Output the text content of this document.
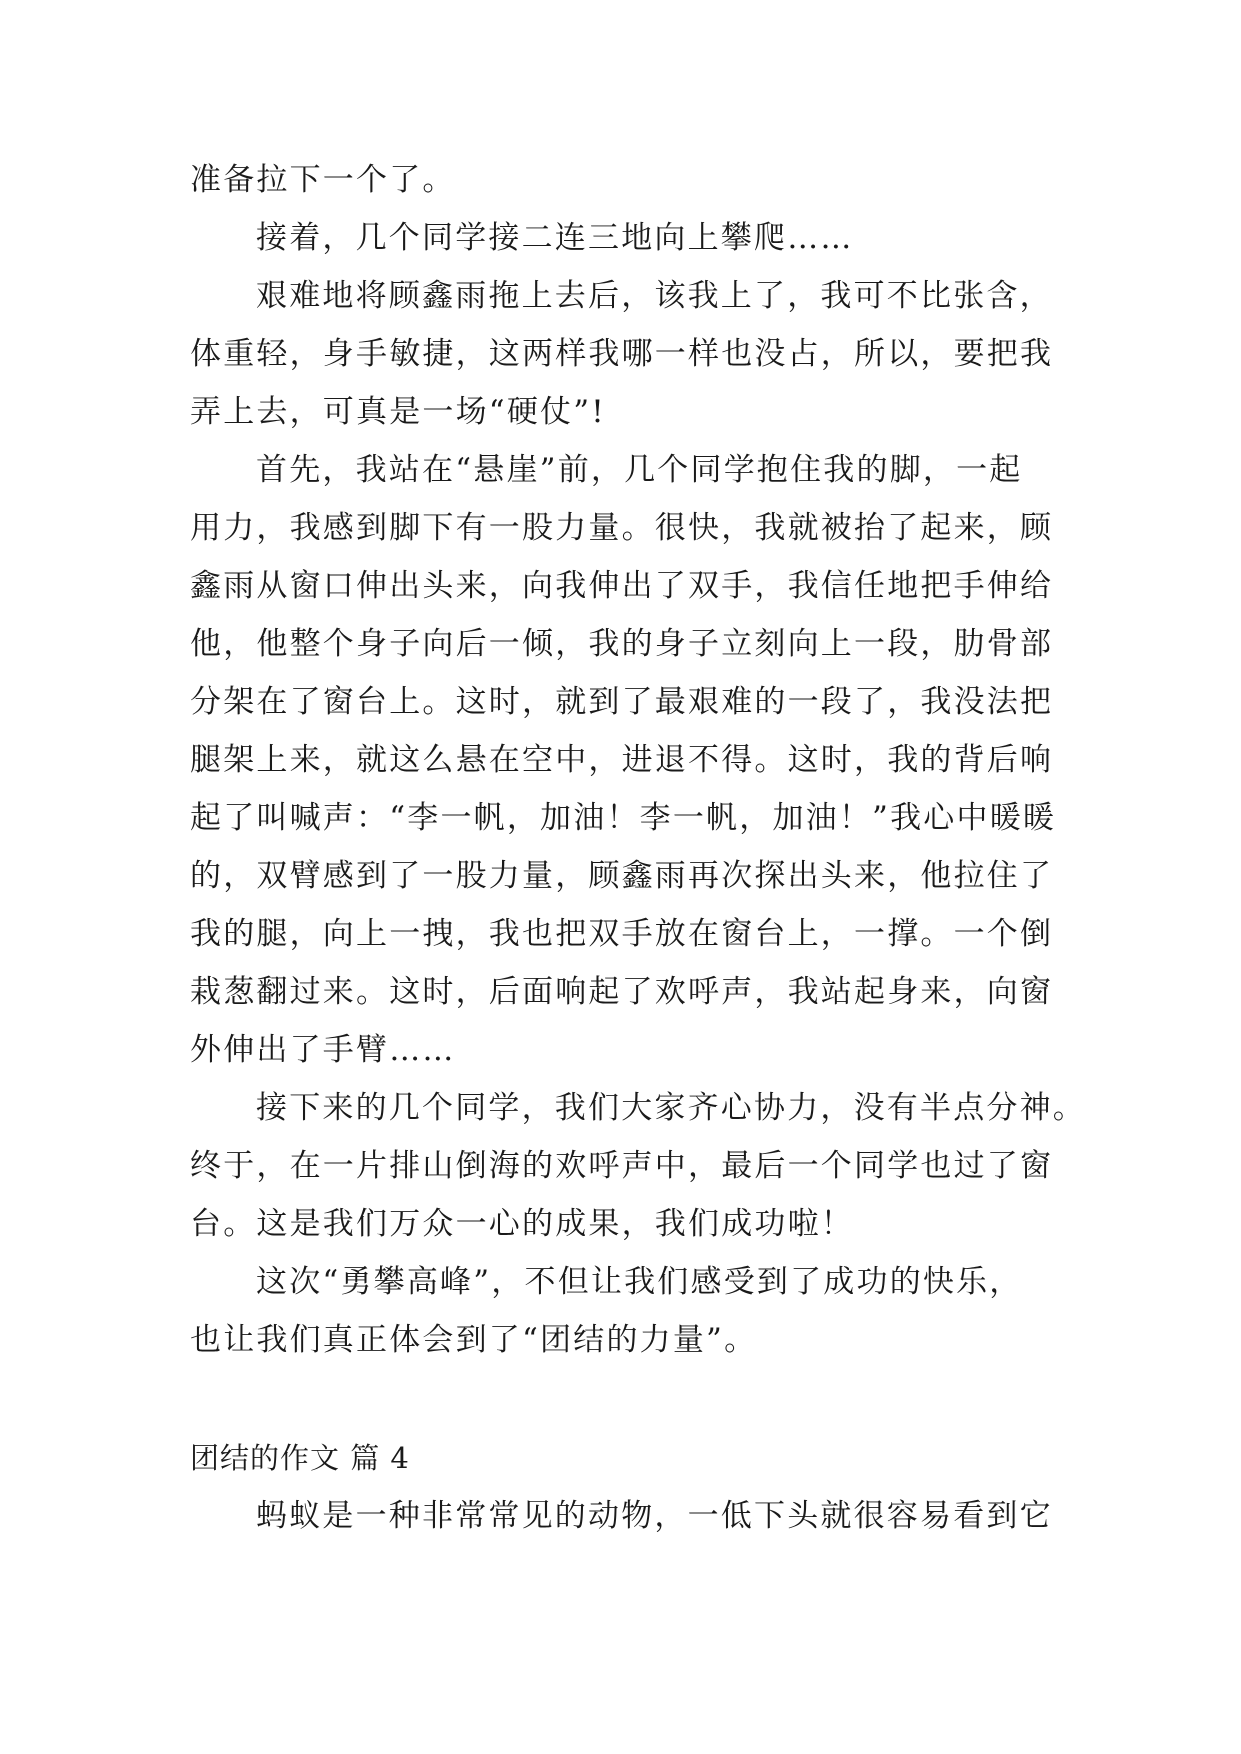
准备拉下一个了。
接着，几个同学接二连三地向上攀爬……
艰难地将顾鑫雨拖上去后，该我上了，我可不比张含，
体重轻，身手敏捷，这两样我哪一样也没占，所以，要把我
弄上去，可真是一场“硬仗”!
首先，我站在“悬崖”前，几个同学抱住我的脚，一起
用力，我感到脚下有一股力量。很快，我就被抬了起来，顾
鑫雨从窗口伸出头来，向我伸出了双手，我信任地把手伸给
他，他整个身子向后一倾，我的身子立刻向上一段，肋骨部
分架在了窗台上。这时，就到了最艰难的一段了，我没法把
腿架上来，就这么悬在空中，进退不得。这时，我的背后响
起了叫喊声：“李一帆，加油！李一帆，加油！”我心中暖暖
的，双臂感到了一股力量，顾鑫雨再次探出头来，他拉住了
我的腿，向上一拽，我也把双手放在窗台上，一撑。一个倒
栽葱翻过来。这时，后面响起了欢呼声，我站起身来，向窗
外伸出了手臂……
接下来的几个同学，我们大家齐心协力，没有半点分神。
终于，在一片排山倒海的欢呼声中，最后一个同学也过了窗
台。这是我们万众一心的成果，我们成功啦！
这次“勇攀高峰”，不但让我们感受到了成功的快乐，
也让我们真正体会到了“团结的力量”。
团结的作文 篇 4
蚂蚁是一种非常常见的动物，一低下头就很容易看到它
